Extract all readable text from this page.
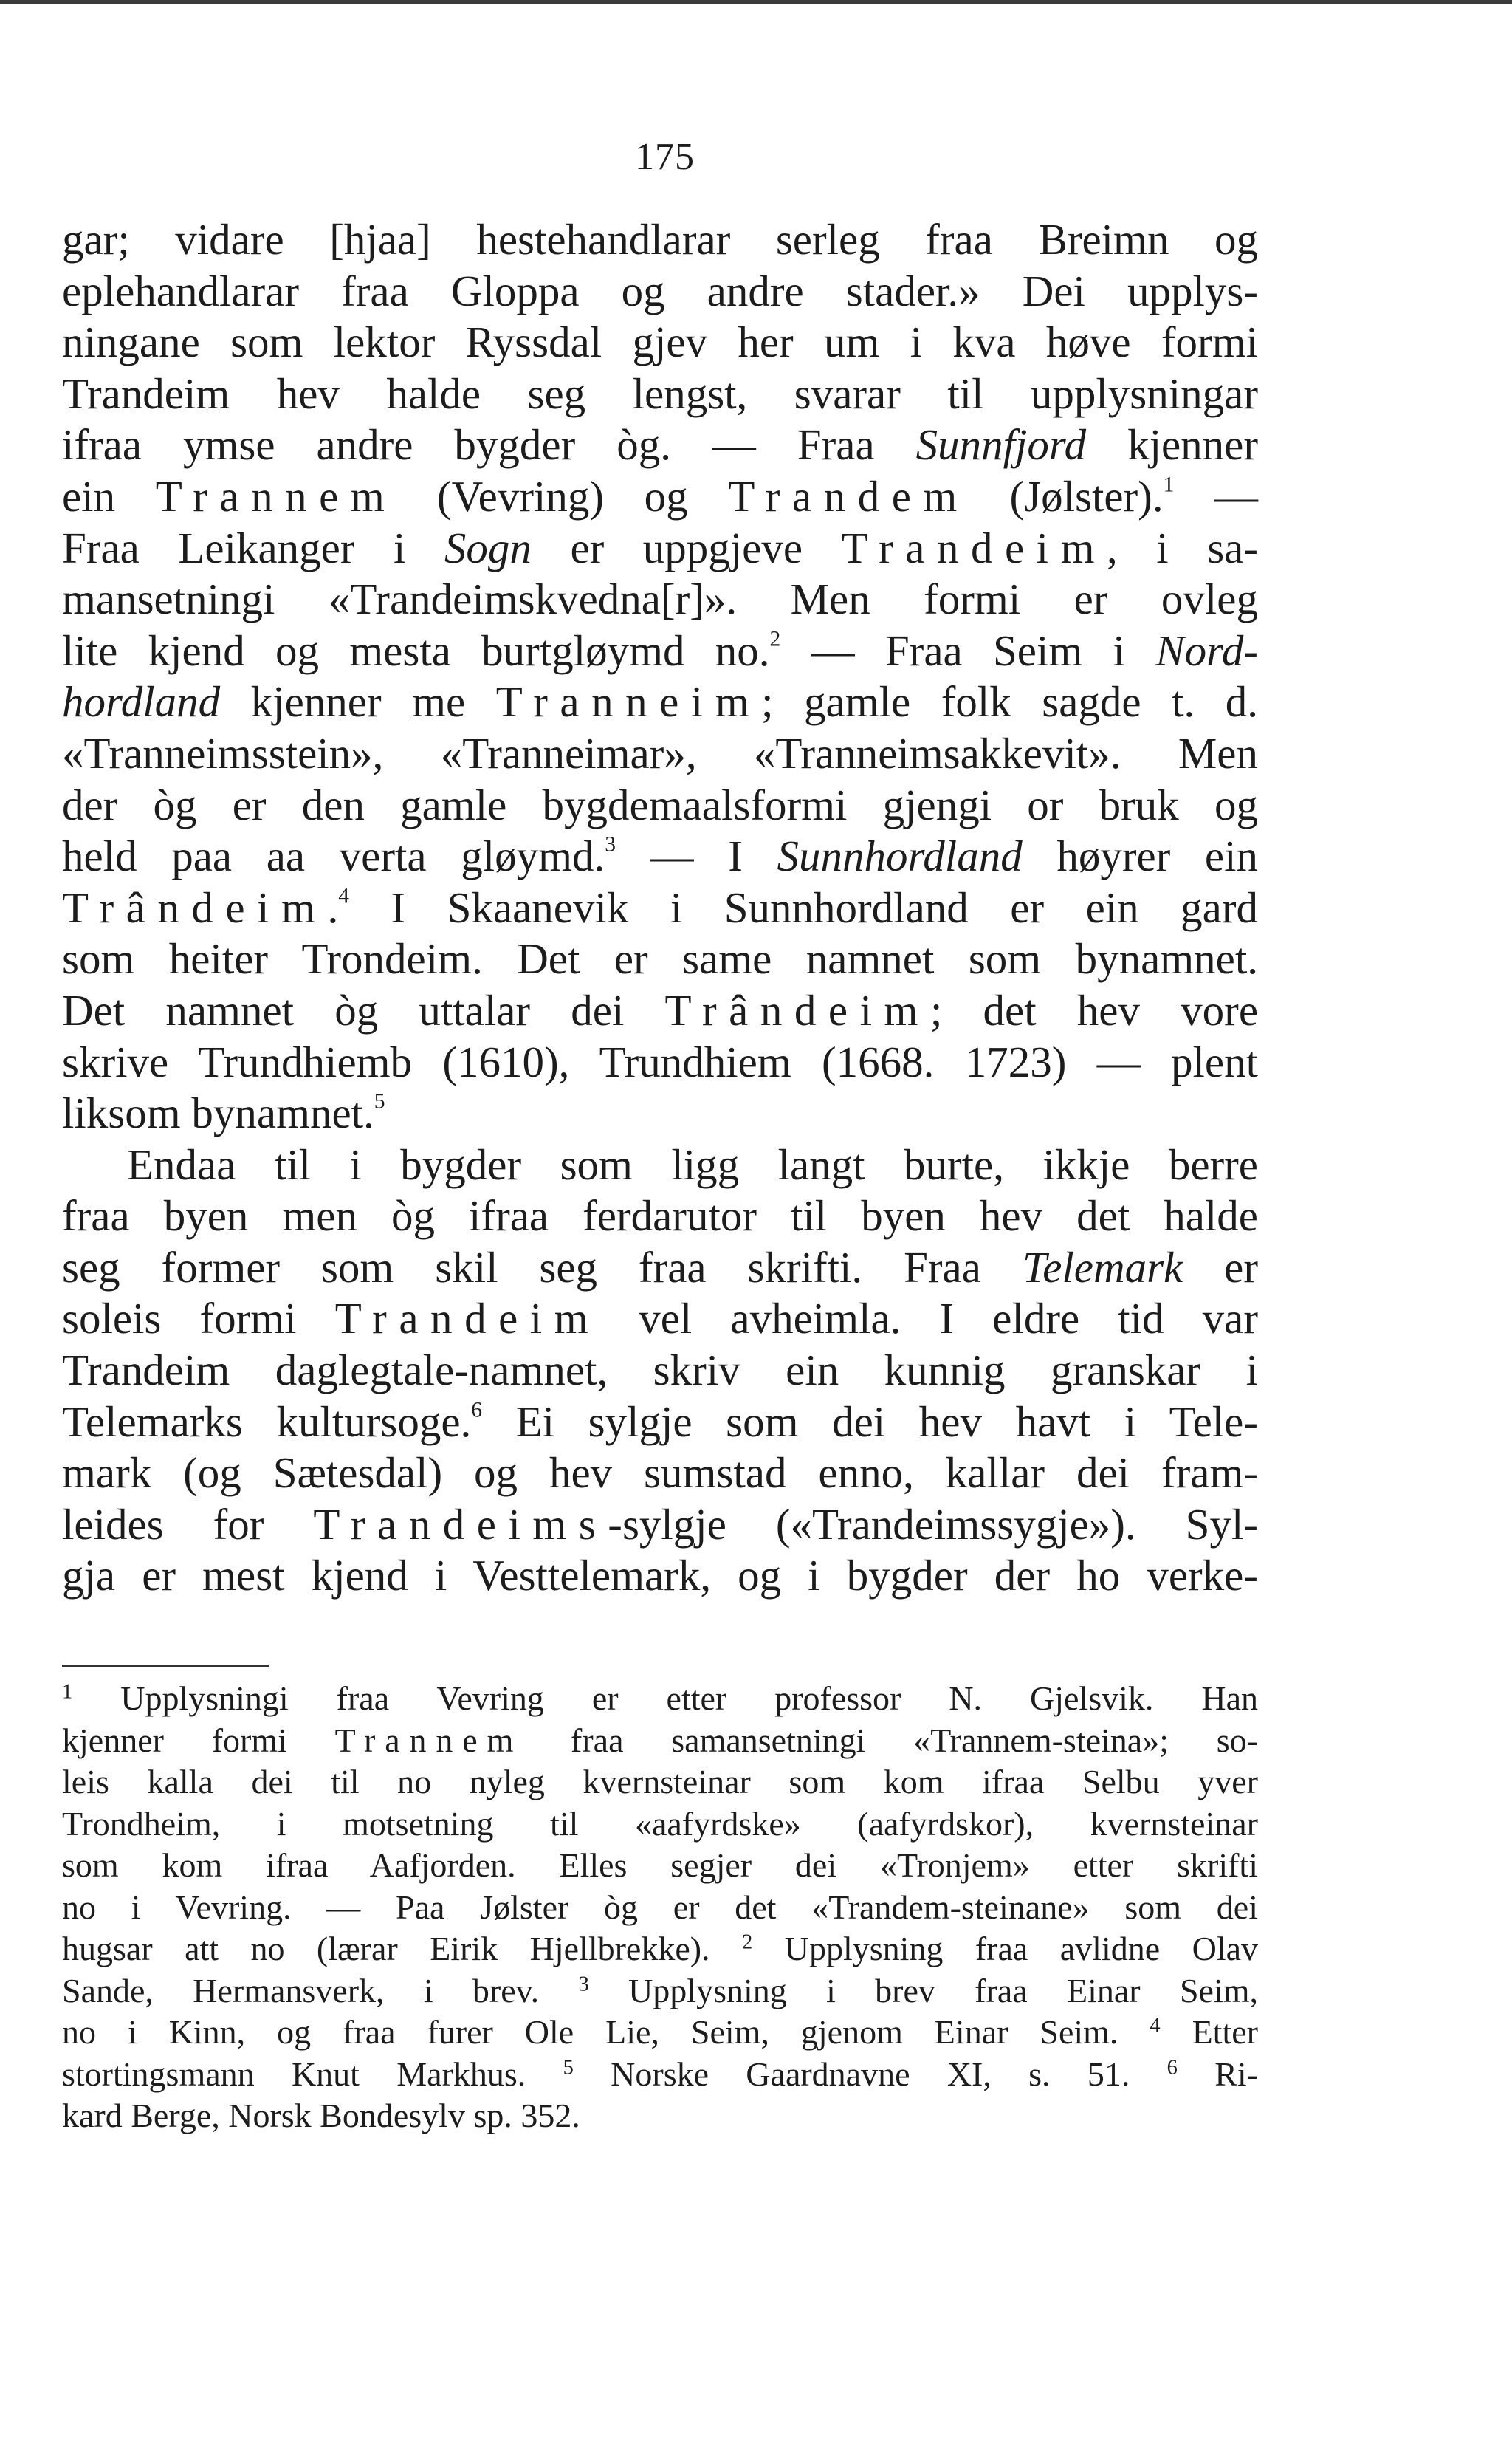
175
gar; vidare [hjaa] hestehandlarar serleg fraa Breimn og
eplehandlarar fraa Gloppa og andre stader.» Dei upplys-
ningane som lektor Ryssdal gjev her um i kva høve formi
Trandeim hev halde seg lengst, svarar til upplysningar
ifraa ymse andre bygder òg. — Fraa Sunnfjord kjenner
ein Trannem (Vevring) og Trandem (Jølster).$^1$ —
Fraa Leikanger i Sogn er uppgjeve Trandeim, i sa-
mansetningi «Trandeimskvedna[r]». Men formi er ovleg
lite kjend og mesta burtgløymd no.$^2$ — Fraa Seim i Nord-
hordland kjenner me Tranneim; gamle folk sagde t. d.
«Tranneimsstein», «Tranneimar», «Tranneimsakkevit». Men
der òg er den gamle bygdemaalsformi gjengi or bruk og
held paa aa verta gløymd.$^3$ — I Sunnhordland høyrer ein
Trândeim.$^4$ I Skaanevik i Sunnhordland er ein gard
som heiter Trondeim. Det er same namnet som bynamnet.
Det namnet òg uttalar dei Trândeim; det hev vore
skrive Trundhiemb (1610), Trundhiem (1668. 1723) — plent
liksom bynamnet.$^5$
Endaa til i bygder som ligg langt burte, ikkje berre
fraa byen men òg ifraa ferdarutor til byen hev det halde
seg former som skil seg fraa skrifti. Fraa Telemark er
soleis formi Trandeim vel avheimla. I eldre tid var
Trandeim daglegtale-namnet, skriv ein kunnig granskar i
Telemarks kultursoge.$^6$ Ei sylgje som dei hev havt i Tele-
mark (og Sætesdal) og hev sumstad enno, kallar dei fram-
leides for Trandeims-sylgje («Trandeimssygje»). Syl-
gja er mest kjend i Vesttelemark, og i bygder der ho verke-
$^1$ Upplysningi fraa Vevring er etter professor N. Gjelsvik. Han
kjenner formi Trannem fraa samansetningi «Trannem-steina»; so-
leis kalla dei til no nyleg kvernsteinar som kom ifraa Selbu yver
Trondheim, i motsetning til «aafyrdske» (aafyrdskor), kvernsteinar
som kom ifraa Aafjorden. Elles segjer dei «Tronjem» etter skrifti
no i Vevring. — Paa Jølster òg er det «Trandem-steinane» som dei
hugsar att no (lærar Eirik Hjellbrekke). $^2$ Upplysning fraa avlidne Olav
Sande, Hermansverk, i brev. $^3$ Upplysning i brev fraa Einar Seim,
no i Kinn, og fraa furer Ole Lie, Seim, gjenom Einar Seim. $^4$ Etter
stortingsmann Knut Markhus. $^5$ Norske Gaardnavne XI, s. 51. $^6$ Ri-
kard Berge, Norsk Bondesylv sp. 352.
